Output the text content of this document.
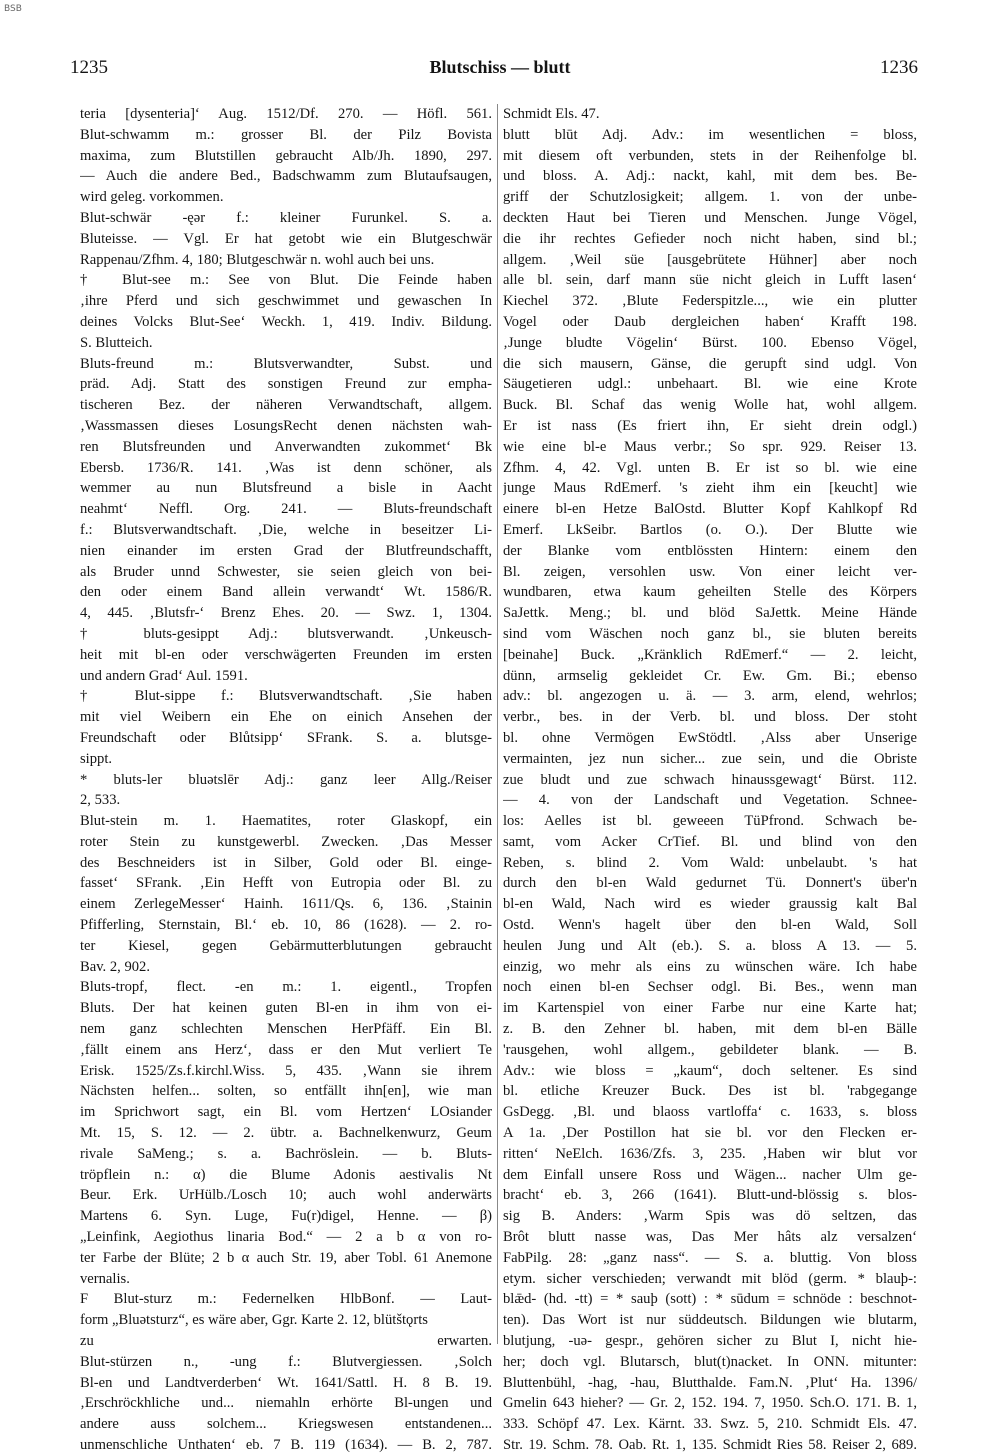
BSB
1235	Blutschiss — blutt	1236
teria [dysenteria]‘ Aug. 1512/Df. 270. — Höfl. 561.
Blut-schwamm m.: grosser Bl. der Pilz Bovista
maxima, zum Blutstillen gebraucht Alb/Jh. 1890, 297.
— Auch die andere Bed., Badschwamm zum Blutaufsaugen,
wird geleg. vorkommen.
Blut-schwär -ęər f.: kleiner Furunkel. S. a.
Bluteisse. — Vgl. Er hat getobt wie ein Blutgeschwär
Rappenau/Zfhm. 4, 180; Blutgeschwär n. wohl auch bei uns.
† Blut-see m.: See von Blut. Die Feinde haben
‚ihre Pferd und sich geschwimmet und gewaschen In
deines Volcks Blut-See‘ Weckh. 1, 419. Indiv. Bildung.
S. Blutteich.
Bluts-freund m.: Blutsverwandter, Subst. und
präd. Adj. Statt des sonstigen Freund zur empha-
tischeren Bez. der näheren Verwandtschaft, allgem.
‚Wassmassen dieses LosungsRecht denen nächsten wah-
ren Blutsfreunden und Anverwandten zukommet‘ Bk
Ebersb. 1736/R. 141. ‚Was ist denn schöner, als
wemmer au nun Blutsfreund a bisle in Aacht
neahmt‘ Neffl. Org. 241. — Bluts-freundschaft
f.: Blutsverwandtschaft. ‚Die, welche in beseitzer Li-
nien einander im ersten Grad der Blutfreundschafft,
als Bruder unnd Schwester, sie seien gleich von bei-
den oder einem Band allein verwandt‘ Wt. 1586/R.
4, 445. ‚Blutsfr-‘ Brenz Ehes. 20. — Swz. 1, 1304.
† bluts-gesippt Adj.: blutsverwandt. ‚Unkeusch-
heit mit bl-en oder verschwägerten Freunden im ersten
und andern Grad‘ Aul. 1591.
† Blut-sippe f.: Blutsverwandtschaft. ‚Sie haben
mit viel Weibern ein Ehe on einich Ansehen der
Freundschaft oder Blůtsipp‘ SFrank. S. a. blutsge-
sippt.
* bluts-ler bluətslēr Adj.: ganz leer Allg./Reiser
2, 533.
Blut-stein m. 1. Haematites, roter Glaskopf, ein
roter Stein zu kunstgewerbl. Zwecken. ‚Das Messer
des Beschneiders ist in Silber, Gold oder Bl. einge-
fasset‘ SFrank. ‚Ein Hefft von Eutropia oder Bl. zu
einem ZerlegeMesser‘ Hainh. 1611/Qs. 6, 136. ‚Stainin
Pfifferling, Sternstain, Bl.‘ eb. 10, 86 (1628). — 2. ro-
ter Kiesel, gegen Gebärmutterblutungen gebraucht
Bav. 2, 902.
Bluts-tropf, flect. -en m.: 1. eigentl., Tropfen
Bluts. Der hat keinen guten Bl-en in ihm von ei-
nem ganz schlechten Menschen HerPfäff. Ein Bl.
‚fällt einem ans Herz‘, dass er den Mut verliert Te
Erisk. 1525/Zs.f.kirchl.Wiss. 5, 435. ‚Wann sie ihrem
Nächsten helfen... solten, so entfällt ihn[en], wie man
im Sprichwort sagt, ein Bl. vom Hertzen‘ LOsiander
Mt. 15, S. 12. — 2. übtr. a. Bachnelkenwurz, Geum
rivale SaMeng.; s. a. Bachröslein. — b. Bluts-
tröpflein n.: α) die Blume Adonis aestivalis Nt
Beur. Erk. UrHülb./Losch 10; auch wohl anderwärts
Martens 6. Syn. Luge, Fu(r)digel, Henne. — β)
„Leinfink, Aegiothus linaria Bod.“ — 2 a b α von ro-
ter Farbe der Blüte; 2 b α auch Str. 19, aber Tobl. 61 Anemone
vernalis.
F Blut-sturz m.: Federnelken HlbBonf. — Laut-
form „Bluətsturz“, es wäre aber, Ggr. Karte 2. 12, blütštǫrts
zu erwarten.
Blut-stürzen n., -ung f.: Blutvergiessen. ‚Solch
Bl-en und Landtverderben‘ Wt. 1641/Sattl. H. 8 B. 19.
‚Erschröckhliche und... niemahln erhörte Bl-ungen und
andere auss solchem... Kriegswesen entstandenen...
unmenschliche Unthaten‘ eb. 7 B. 119 (1634). — B. 2, 787.
Schmidt Els. 47.
blutt blūt Adj. Adv.: im wesentlichen = bloss,
mit diesem oft verbunden, stets in der Reihenfolge bl.
und bloss. A. Adj.: nackt, kahl, mit dem bes. Be-
griff der Schutzlosigkeit; allgem. 1. von der unbe-
deckten Haut bei Tieren und Menschen. Junge Vögel,
die ihr rechtes Gefieder noch nicht haben, sind bl.;
allgem. ‚Weil süe [ausgebrütete Hühner] aber noch
alle bl. sein, darf mann süe nicht gleich in Lufft lasen‘
Kiechel 372. ‚Blute Federspitzle..., wie ein plutter
Vogel oder Daub dergleichen haben‘ Krafft 198.
‚Junge bludte Vögelin‘ Bürst. 100. Ebenso Vögel,
die sich mausern, Gänse, die gerupft sind udgl. Von
Säugetieren udgl.: unbehaart. Bl. wie eine Krote
Buck. Bl. Schaf das wenig Wolle hat, wohl allgem.
Er ist nass (Es friert ihn, Er sieht drein odgl.)
wie eine bl-e Maus verbr.; So spr. 929. Reiser 13.
Zfhm. 4, 42. Vgl. unten B. Er ist so bl. wie eine
junge Maus RdEmerf. 's zieht ihm ein [keucht] wie
einere bl-en Hetze BalOstd. Blutter Kopf Kahlkopf Rd
Emerf. LkSeibr. Bartlos (o. O.). Der Blutte wie
der Blanke vom entblössten Hintern: einem den
Bl. zeigen, versohlen usw. Von einer leicht ver-
wundbaren, etwa kaum geheilten Stelle des Körpers
SaJettk. Meng.; bl. und blöd SaJettk. Meine Hände
sind vom Wäschen noch ganz bl., sie bluten bereits
[beinahe] Buck. „Kränklich RdEmerf.“ — 2. leicht,
dünn, armselig gekleidet Cr. Ew. Gm. Bi.; ebenso
adv.: bl. angezogen u. ä. — 3. arm, elend, wehrlos;
verbr., bes. in der Verb. bl. und bloss. Der stoht
bl. ohne Vermögen EwStödtl. ‚Alss aber Unserige
vermainten, jez nun sicher... zue sein, und die Obriste
zue bludt und zue schwach hinaussgewagt‘ Bürst. 112.
— 4. von der Landschaft und Vegetation. Schnee-
los: Aelles ist bl. geweeen TüPfrond. Schwach be-
samt, vom Acker CrTief. Bl. und blind von den
Reben, s. blind 2. Vom Wald: unbelaubt. 's hat
durch den bl-en Wald gedurnet Tü. Donnert's über'n
bl-en Wald, Nach wird es wieder graussig kalt Bal
Ostd. Wenn's hagelt über den bl-en Wald, Soll
heulen Jung und Alt (eb.). S. a. bloss A 13. — 5.
einzig, wo mehr als eins zu wünschen wäre. Ich habe
noch einen bl-en Sechser odgl. Bi. Bes., wenn man
im Kartenspiel von einer Farbe nur eine Karte hat;
z. B. den Zehner bl. haben, mit dem bl-en Bälle
'rausgehen, wohl allgem., gebildeter blank. — B.
Adv.: wie bloss = „kaum“, doch seltener. Es sind
bl. etliche Kreuzer Buck. Des ist bl. 'rabgegange
GsDegg. ‚Bl. und blaoss vartloffa‘ c. 1633, s. bloss
A 1a. ‚Der Postillon hat sie bl. vor den Flecken er-
ritten‘ NeElch. 1636/Zfs. 3, 235. ‚Haben wir blut vor
dem Einfall unsere Ross und Wägen... nacher Ulm ge-
bracht‘ eb. 3, 266 (1641). Blutt-und-blössig s. blos-
sig B. Anders: ‚Warm Spis was dö seltzen, das
Brôt blutt nasse was, Das Mer hâts alz versalzen‘
FabPilg. 28: „ganz nass“. — S. a. bluttig. Von bloss
etym. sicher verschieden; verwandt mit blöd (germ. * blauþ-:
blǣd- (hd. -tt) = * sauþ (sott) : * sūdum = schnöde : beschnot-
ten). Das Wort ist nur süddeutsch. Bildungen wie blutarm,
blutjung, -uə- gespr., gehören sicher zu Blut I, nicht hie-
her; doch vgl. Blutarsch, blut(t)nacket. In ONN. mitunter:
Bluttenbühl, -hag, -hau, Blutthalde. Fam.N. ‚Plut‘ Ha. 1396/
Gmelin 643 hieher? — Gr. 2, 152. 194. 7, 1950. Sch.O. 171. B. 1,
333. Schöpf 47. Lex. Kärnt. 33. Swz. 5, 210. Schmidt Els. 47.
Str. 19. Schm. 78. Oab. Rt. 1, 135. Schmidt Ries 58. Reiser 2, 689.
